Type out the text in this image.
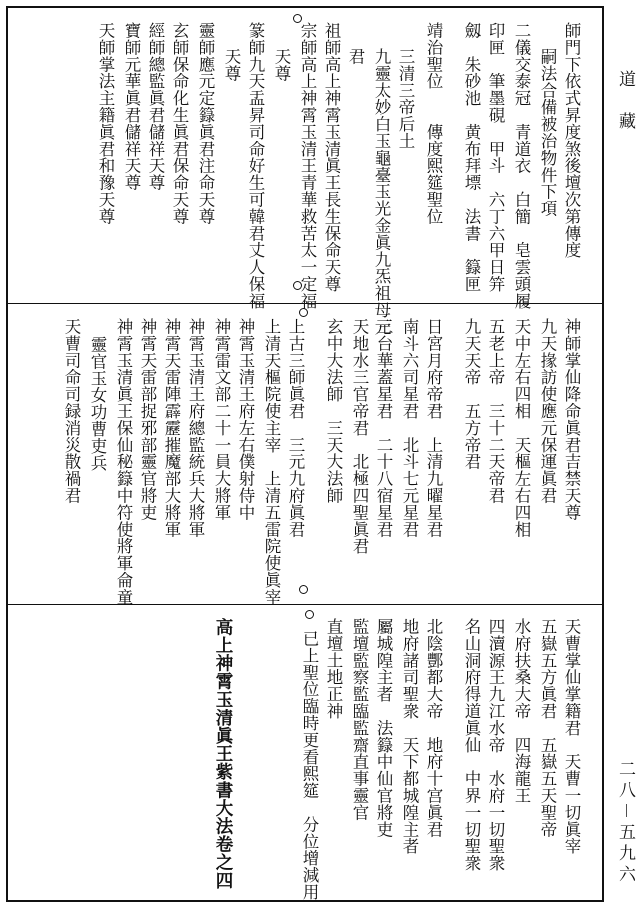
道　藏
二八－五九六
師門下依式昇度煞後壇次第傳度
嗣法合備被治物件下項
二儀交泰冠　青道衣　白簡　皂雲頭履
印匣　筆墨硯　甲斗　六丁六甲日笄
劔　朱砂池　黄布拜墂　法書　籙匣
靖治聖位　　傳度熙筵聖位
三清三帝后土
九靈太妙白玉龜臺玉光金眞九炁祖母元
君
祖師高上神霄玉清眞王長生保命天尊
宗師高上神霄玉清王青華救苦太一定福
天尊
篆師九天盂昇司命好生可韓君丈人保福
天尊
靈師應元定籙眞君注命天尊
玄師保命化生眞君保命天尊
經師總監眞君儲祥天尊
寶師元華眞君儲祥天尊
天師掌法主籍眞君和豫天尊
神師掌仙降命眞君吉禁天尊
九天掾訪使應元保運眞君
天中左右四相　天樞左右四相
五老上帝　三十二天帝君
九天天帝　五方帝君
日宮月府帝君　上清九曜星君
南斗六司星君　北斗七元星君
三台華蓋星君　二十八宿星君
天地水三官帝君　北極四聖眞君
玄中大法師　三天大法師
上古三師眞君　三元九府眞君
上清天樞院使主宰　上清五雷院使眞宰
神霄玉清王府左右僕射侍中
神霄雷文部二十一員大將軍
神霄玉清王府總監統兵大將軍
神霄天雷陣霹靂摧魔部大將軍
神霄天雷部捉邪部靈官將吏
神霄玉清眞王保仙秘籙中符使將軍侖童
靈官玉女功曹吏兵
天曹司命司録消災散禍君
天曹掌仙掌籍君　天曹一切眞宰
五嶽五方眞君　五嶽五天聖帝
水府扶桑大帝　四海龍王
四瀆源王九江水帝　水府一切聖衆
名山洞府得道眞仙　中界一切聖衆
北陰酆都大帝　地府十宫眞君
地府諸司聖衆　天下都城隍主者
屬城隍主者　法籙中仙官將吏
監壇監察監臨監齋直事靈官
直壇土地正神
已上聖位臨時更看熙筵　分位增減用
高上神霄玉清眞王紫書大法卷之四
